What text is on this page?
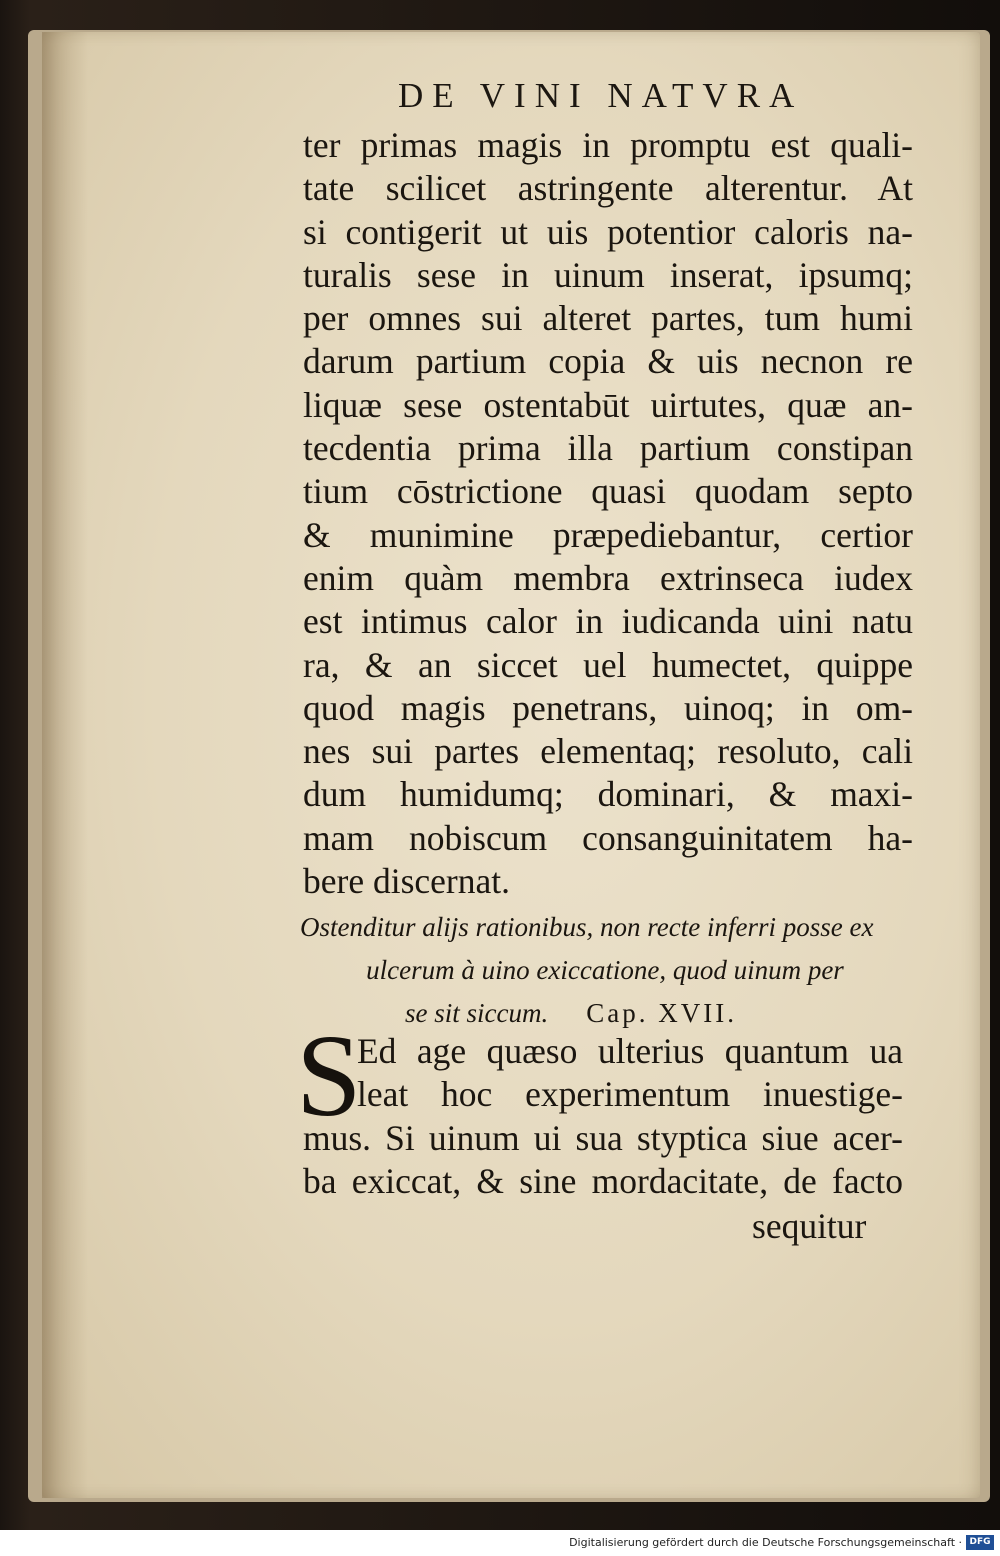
DE VINI NATVRA
ter primas magis in promptu est quali-
tate scilicet astringente alterentur. At
si contigerit ut uis potentior caloris na-
turalis sese in uinum inserat, ipsumq;
per omnes sui alteret partes, tum humi
darum partium copia & uis necnon re
liquæ sese ostentabūt uirtutes, quæ an-
tecdentia prima illa partium constipan
tium cōstrictione quasi quodam septo
& munimine præpediebantur, certior
enim quàm membra extrinseca iudex
est intimus calor in iudicanda uini natu
ra, & an siccet uel humectet, quippe
quod magis penetrans, uinoq; in om-
nes sui partes elementaq; resoluto, cali
dum humidumq; dominari, & maxi-
mam nobiscum consanguinitatem ha-
bere discernat.
Ostenditur alijs rationibus, non recte inferri posse ex
ulcerum à uino exiccatione, quod uinum per
se sit siccum. Cap. XVII.
S
Ed age quæso ulterius quantum ua
leat hoc experimentum inuestige-
mus. Si uinum ui sua styptica siue acer-
ba exiccat, & sine mordacitate, de facto
sequitur
Digitalisierung gefördert durch die Deutsche Forschungsgemeinschaft · DFG
